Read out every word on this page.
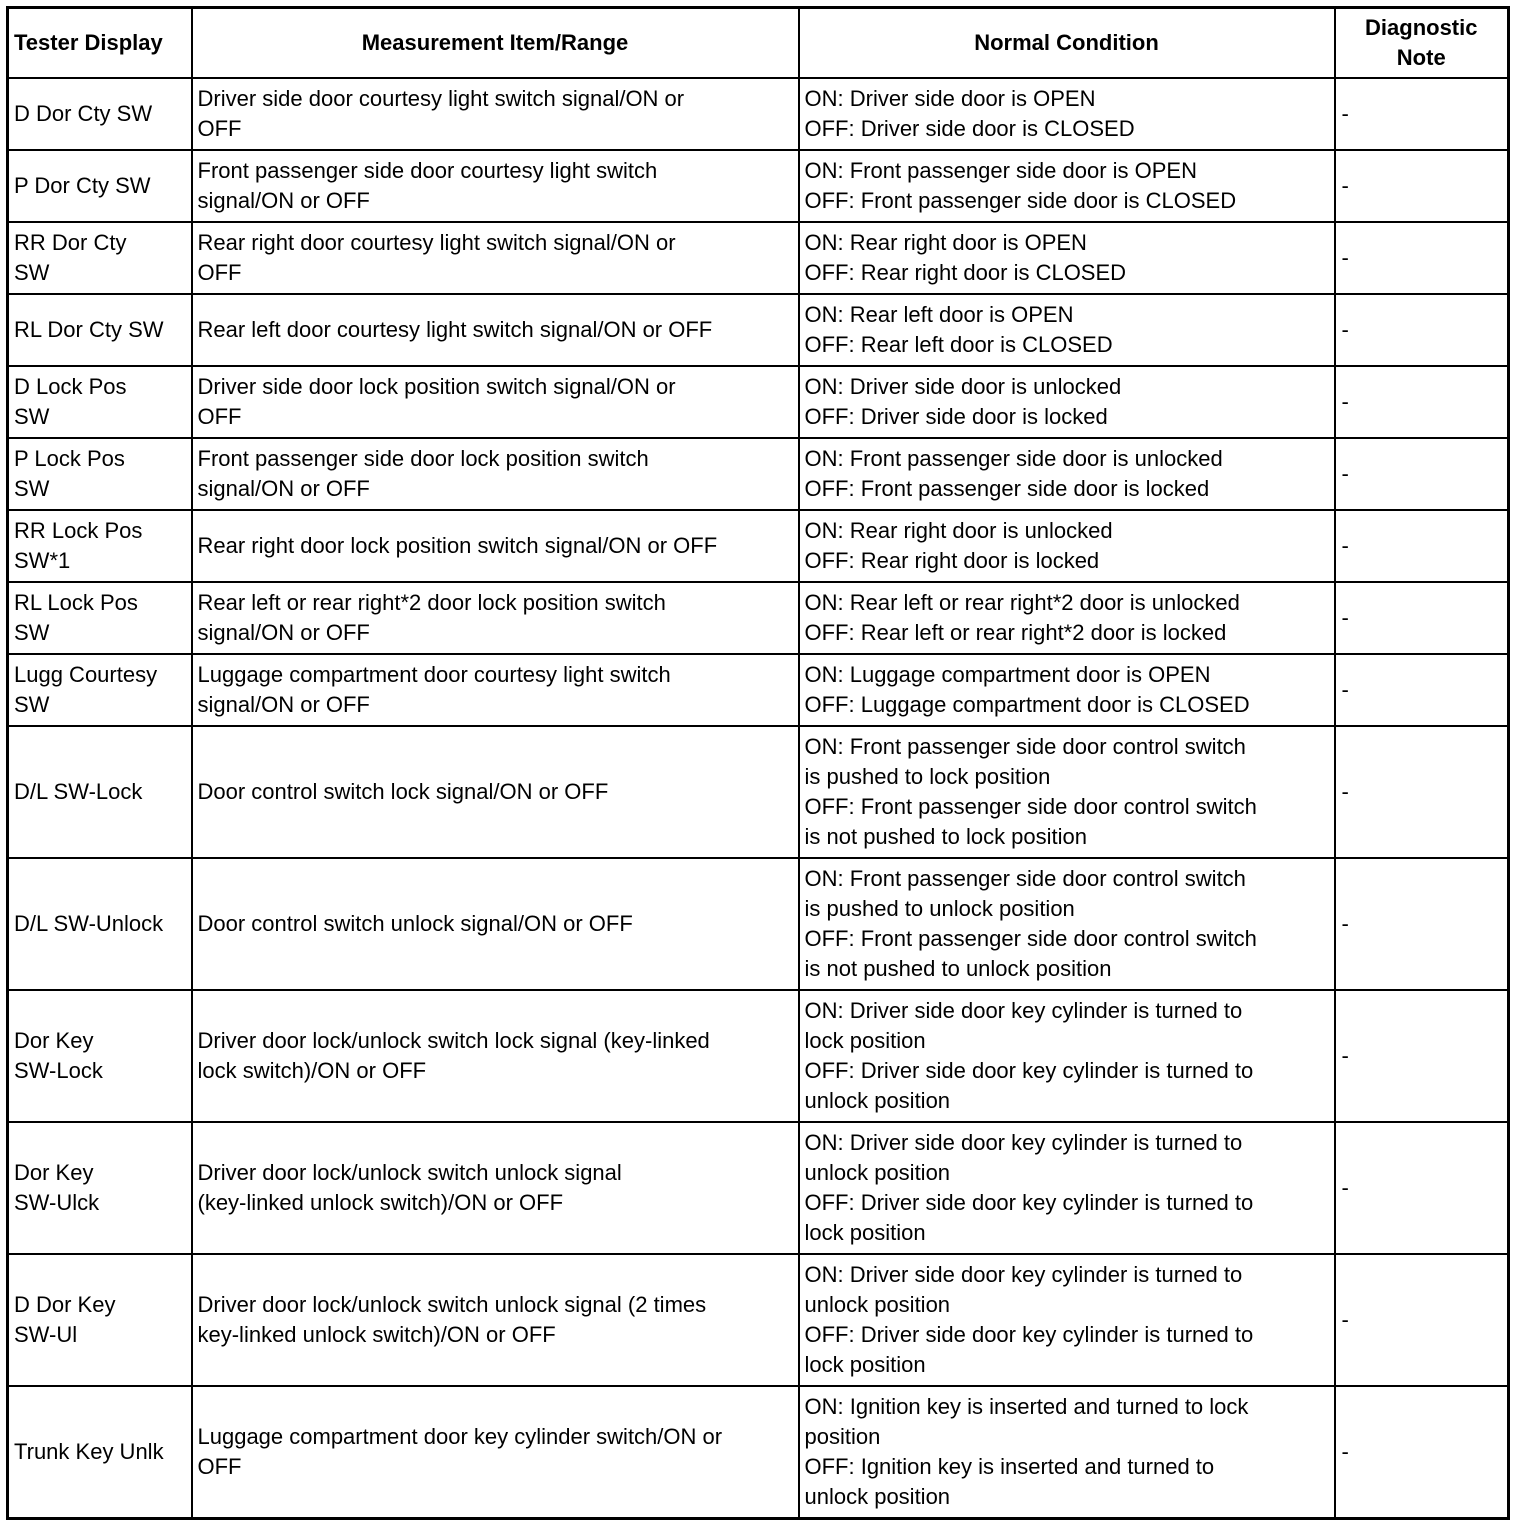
Tester Display	Measurement Item/Range	Normal Condition	Diagnostic
Note
D Dor Cty SW	Driver side door courtesy light switch signal/ON or
OFF	ON: Driver side door is OPEN
OFF: Driver side door is CLOSED	-
P Dor Cty SW	Front passenger side door courtesy light switch
signal/ON or OFF	ON: Front passenger side door is OPEN
OFF: Front passenger side door is CLOSED	-
RR Dor Cty
SW	Rear right door courtesy light switch signal/ON or
OFF	ON: Rear right door is OPEN
OFF: Rear right door is CLOSED	-
RL Dor Cty SW	Rear left door courtesy light switch signal/ON or OFF	ON: Rear left door is OPEN
OFF: Rear left door is CLOSED	-
D Lock Pos
SW	Driver side door lock position switch signal/ON or
OFF	ON: Driver side door is unlocked
OFF: Driver side door is locked	-
P Lock Pos
SW	Front passenger side door lock position switch
signal/ON or OFF	ON: Front passenger side door is unlocked
OFF: Front passenger side door is locked	-
RR Lock Pos
SW*1	Rear right door lock position switch signal/ON or OFF	ON: Rear right door is unlocked
OFF: Rear right door is locked	-
RL Lock Pos
SW	Rear left or rear right*2 door lock position switch
signal/ON or OFF	ON: Rear left or rear right*2 door is unlocked
OFF: Rear left or rear right*2 door is locked	-
Lugg Courtesy
SW	Luggage compartment door courtesy light switch
signal/ON or OFF	ON: Luggage compartment door is OPEN
OFF: Luggage compartment door is CLOSED	-
D/L SW-Lock	Door control switch lock signal/ON or OFF	ON: Front passenger side door control switch
is pushed to lock position
OFF: Front passenger side door control switch
is not pushed to lock position	-
D/L SW-Unlock	Door control switch unlock signal/ON or OFF	ON: Front passenger side door control switch
is pushed to unlock position
OFF: Front passenger side door control switch
is not pushed to unlock position	-
Dor Key
SW-Lock	Driver door lock/unlock switch lock signal (key-linked
lock switch)/ON or OFF	ON: Driver side door key cylinder is turned to
lock position
OFF: Driver side door key cylinder is turned to
unlock position	-
Dor Key
SW-Ulck	Driver door lock/unlock switch unlock signal
(key-linked unlock switch)/ON or OFF	ON: Driver side door key cylinder is turned to
unlock position
OFF: Driver side door key cylinder is turned to
lock position	-
D Dor Key
SW-Ul	Driver door lock/unlock switch unlock signal (2 times
key-linked unlock switch)/ON or OFF	ON: Driver side door key cylinder is turned to
unlock position
OFF: Driver side door key cylinder is turned to
lock position	-
Trunk Key Unlk	Luggage compartment door key cylinder switch/ON or
OFF	ON: Ignition key is inserted and turned to lock
position
OFF: Ignition key is inserted and turned to
unlock position	-
